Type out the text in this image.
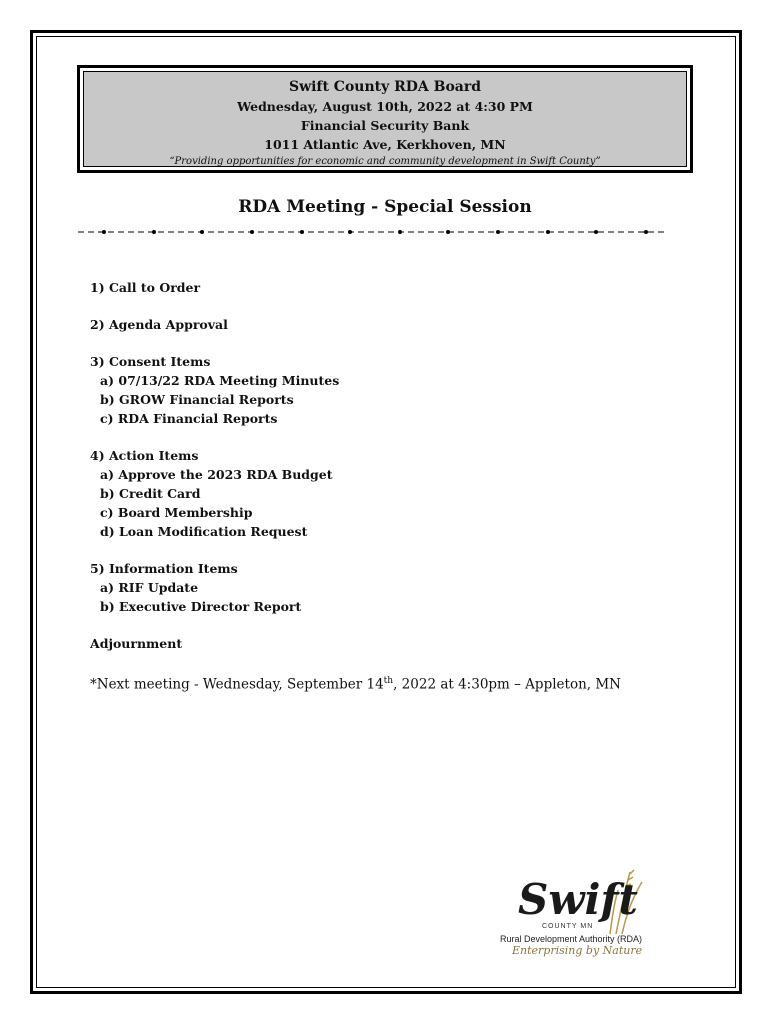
Swift County RDA Board
Wednesday, August 10th, 2022 at 4:30 PM
Financial Security Bank
1011 Atlantic Ave, Kerkhoven, MN
“Providing opportunities for economic and community development in Swift County”
RDA Meeting - Special Session
1) Call to Order
2) Agenda Approval
3) Consent Items
a) 07/13/22 RDA Meeting Minutes
b) GROW Financial Reports
c) RDA Financial Reports
4) Action Items
a) Approve the 2023 RDA Budget
b) Credit Card
c) Board Membership
d) Loan Modification Request
5) Information Items
a) RIF Update
b) Executive Director Report
Adjournment
*Next meeting - Wednesday, September 14th, 2022 at 4:30pm – Appleton, MN
Swift
COUNTY MN
Rural Development Authority (RDA)
Enterprising by Nature
